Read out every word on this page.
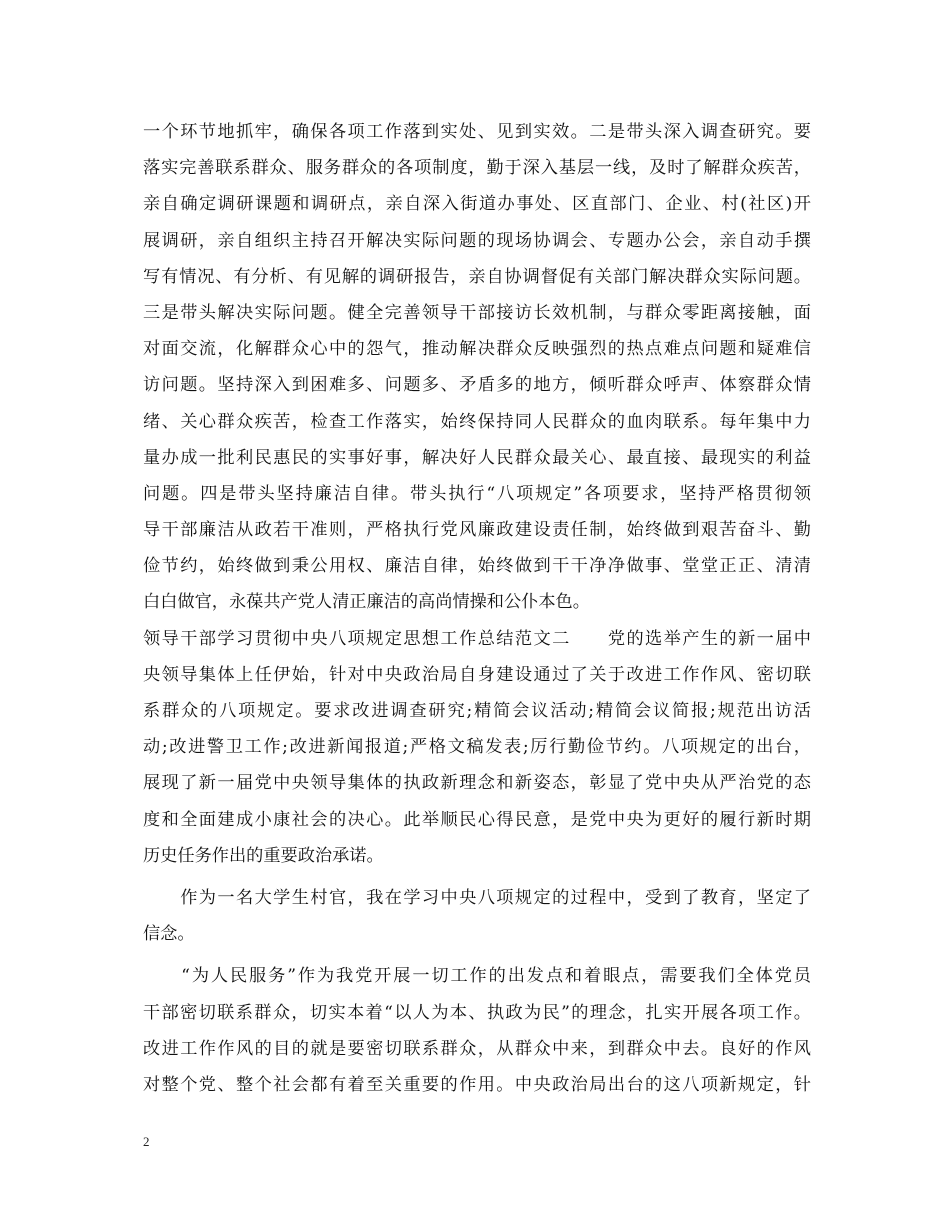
一个环节地抓牢，确保各项工作落到实处、见到实效。二是带头深入调查研究。要
落实完善联系群众、服务群众的各项制度，勤于深入基层一线，及时了解群众疾苦，
亲自确定调研课题和调研点，亲自深入街道办事处、区直部门、企业、村(社区)开
展调研，亲自组织主持召开解决实际问题的现场协调会、专题办公会，亲自动手撰
写有情况、有分析、有见解的调研报告，亲自协调督促有关部门解决群众实际问题。
三是带头解决实际问题。健全完善领导干部接访长效机制，与群众零距离接触，面
对面交流，化解群众心中的怨气，推动解决群众反映强烈的热点难点问题和疑难信
访问题。坚持深入到困难多、问题多、矛盾多的地方，倾听群众呼声、体察群众情
绪、关心群众疾苦，检查工作落实，始终保持同人民群众的血肉联系。每年集中力
量办成一批利民惠民的实事好事，解决好人民群众最关心、最直接、最现实的利益
问题。四是带头坚持廉洁自律。带头执行“八项规定”各项要求，坚持严格贯彻领
导干部廉洁从政若干准则，严格执行党风廉政建设责任制，始终做到艰苦奋斗、勤
俭节约，始终做到秉公用权、廉洁自律，始终做到干干净净做事、堂堂正正、清清
白白做官，永葆共产党人清正廉洁的高尚情操和公仆本色。
领导干部学习贯彻中央八项规定思想工作总结范文二　　党的选举产生的新一届中
央领导集体上任伊始，针对中央政治局自身建设通过了关于改进工作作风、密切联
系群众的八项规定。要求改进调查研究;精简会议活动;精简会议简报;规范出访活
动;改进警卫工作;改进新闻报道;严格文稿发表;厉行勤俭节约。八项规定的出台，
展现了新一届党中央领导集体的执政新理念和新姿态，彰显了党中央从严治党的态
度和全面建成小康社会的决心。此举顺民心得民意，是党中央为更好的履行新时期
历史任务作出的重要政治承诺。
　　作为一名大学生村官，我在学习中央八项规定的过程中，受到了教育，坚定了
信念。
　　“为人民服务”作为我党开展一切工作的出发点和着眼点，需要我们全体党员
干部密切联系群众，切实本着“以人为本、执政为民”的理念，扎实开展各项工作。
改进工作作风的目的就是要密切联系群众，从群众中来，到群众中去。良好的作风
对整个党、整个社会都有着至关重要的作用。中央政治局出台的这八项新规定，针
2
